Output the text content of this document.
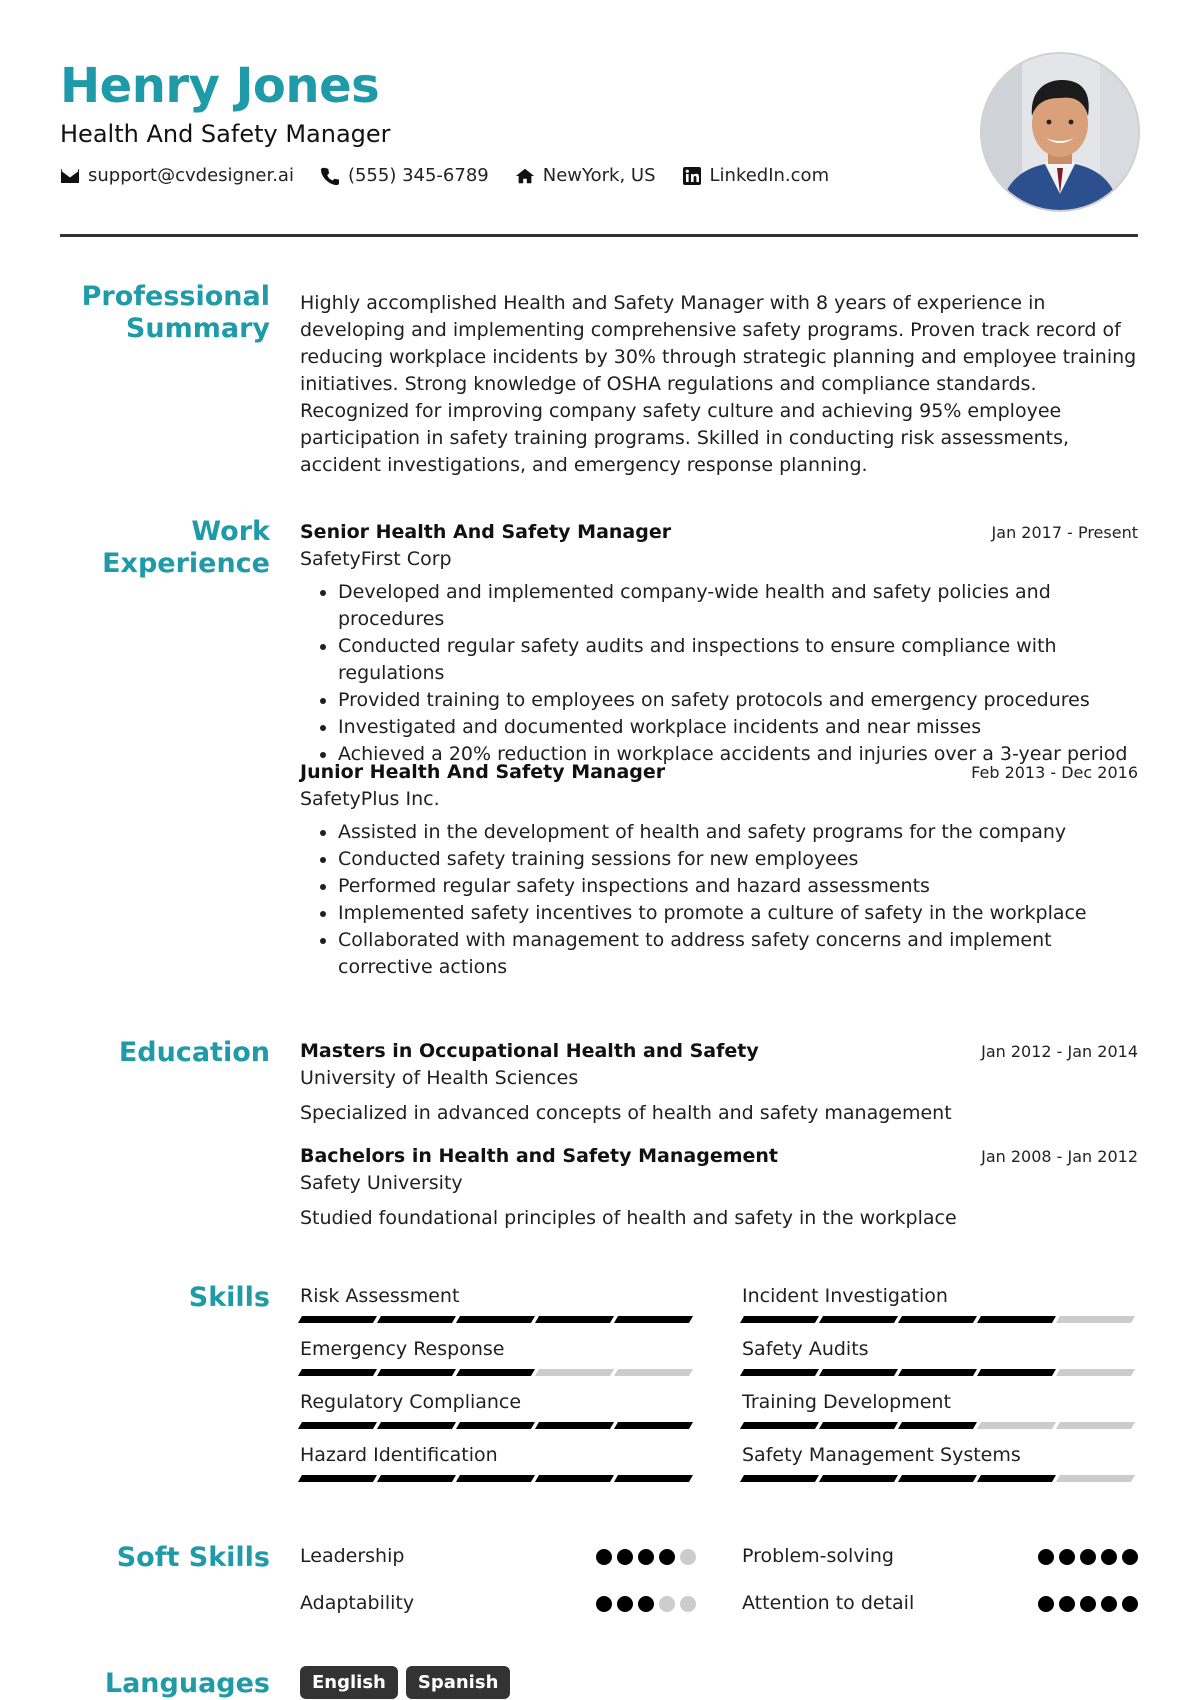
Henry Jones
Health And Safety Manager
support@cvdesigner.ai	(555) 345-6789	NewYork, US	LinkedIn.com
Professional
Summary
Highly accomplished Health and Safety Manager with 8 years of experience in developing and implementing comprehensive safety programs. Proven track record of reducing workplace incidents by 30% through strategic planning and employee training initiatives. Strong knowledge of OSHA regulations and compliance standards. Recognized for improving company safety culture and achieving 95% employee participation in safety training programs. Skilled in conducting risk assessments, accident investigations, and emergency response planning.
Work
Experience
Senior Health And Safety Manager	Jan 2017 - Present
SafetyFirst Corp
• Developed and implemented company-wide health and safety policies and procedures
• Conducted regular safety audits and inspections to ensure compliance with regulations
• Provided training to employees on safety protocols and emergency procedures
• Investigated and documented workplace incidents and near misses
• Achieved a 20% reduction in workplace accidents and injuries over a 3-year period
Junior Health And Safety Manager	Feb 2013 - Dec 2016
SafetyPlus Inc.
• Assisted in the development of health and safety programs for the company
• Conducted safety training sessions for new employees
• Performed regular safety inspections and hazard assessments
• Implemented safety incentives to promote a culture of safety in the workplace
• Collaborated with management to address safety concerns and implement corrective actions
Education Masters in Occupational Health and Safety	Jan 2012 - Jan 2014
University of Health Sciences
Specialized in advanced concepts of health and safety management
Bachelors in Health and Safety Management	Jan 2008 - Jan 2012
Safety University
Studied foundational principles of health and safety in the workplace
Skills Risk Assessment	Incident Investigation
Emergency Response	Safety Audits
Regulatory Compliance	Training Development
Hazard Identification	Safety Management Systems
Soft Skills Leadership	Problem-solving
Adaptability	Attention to detail
Languages	English	Spanish
